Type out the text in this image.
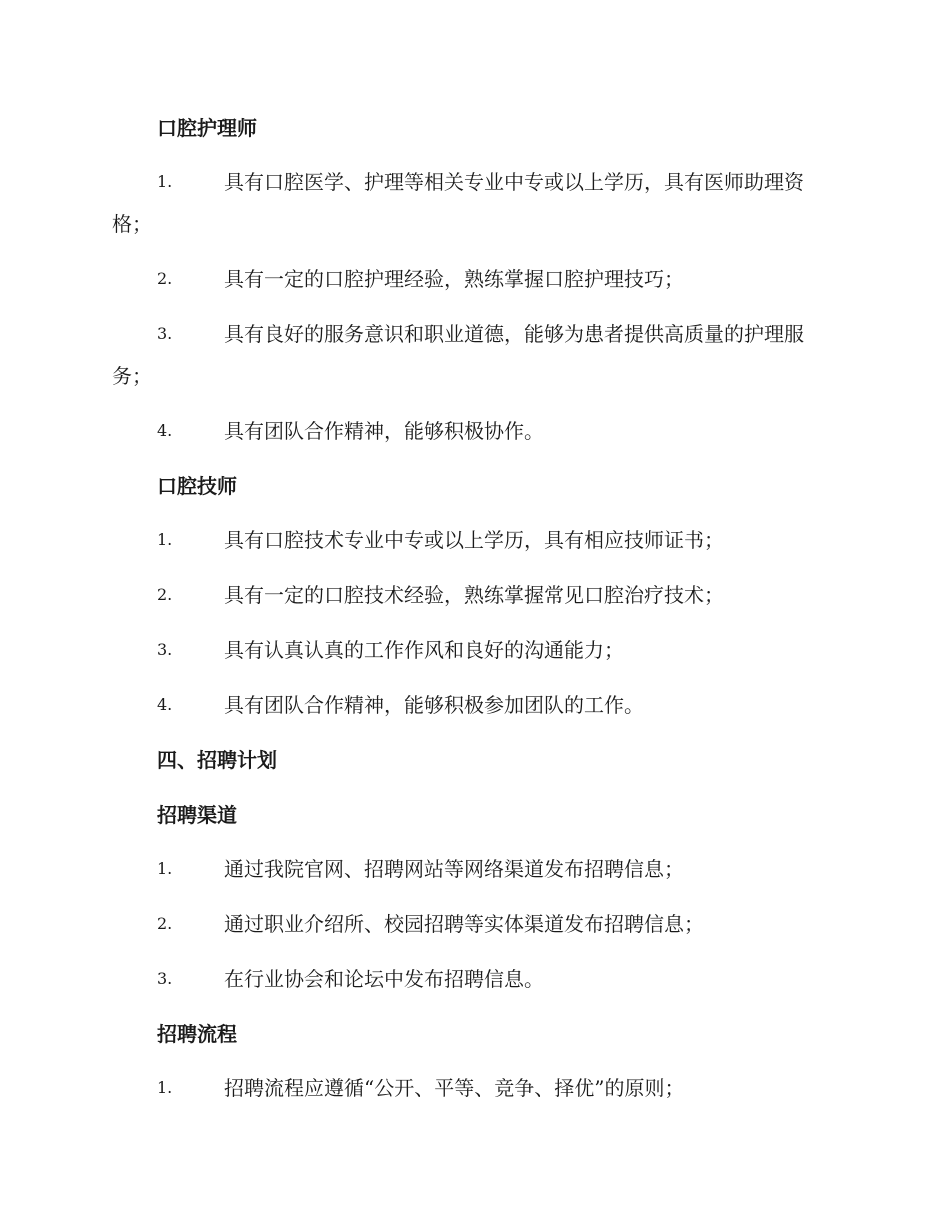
口腔护理师
1.	具有口腔医学、护理等相关专业中专或以上学历，具有医师助理资格；
2.	具有一定的口腔护理经验，熟练掌握口腔护理技巧；
3.	具有良好的服务意识和职业道德，能够为患者提供高质量的护理服务；
4.	具有团队合作精神，能够积极协作。
口腔技师
1.	具有口腔技术专业中专或以上学历，具有相应技师证书；
2.	具有一定的口腔技术经验，熟练掌握常见口腔治疗技术；
3.	具有认真认真的工作作风和良好的沟通能力；
4.	具有团队合作精神，能够积极参加团队的工作。
四、招聘计划
招聘渠道
1.	通过我院官网、招聘网站等网络渠道发布招聘信息；
2.	通过职业介绍所、校园招聘等实体渠道发布招聘信息；
3.	在行业协会和论坛中发布招聘信息。
招聘流程
1.	招聘流程应遵循“公开、平等、竞争、择优”的原则；
